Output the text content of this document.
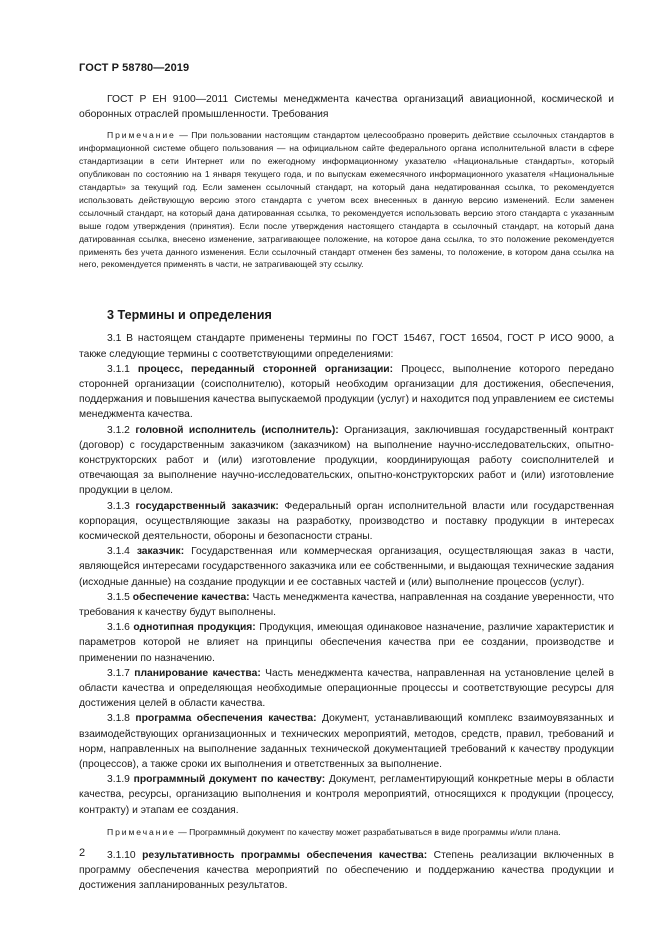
ГОСТ Р 58780—2019

ГОСТ Р ЕН 9100—2011 Системы менеджмента качества организаций авиационной, космической и оборонных отраслей промышленности. Требования

Примечание — При пользовании настоящим стандартом целесообразно проверить действие ссылочных стандартов в информационной системе общего пользования — на официальном сайте федерального органа исполнительной власти в сфере стандартизации в сети Интернет или по ежегодному информационному указателю «Национальные стандарты», который опубликован по состоянию на 1 января текущего года, и по выпускам ежемесячного информационного указателя «Национальные стандарты» за текущий год. Если заменен ссылочный стандарт, на который дана недатированная ссылка, то рекомендуется использовать действующую версию этого стандарта с учетом всех внесенных в данную версию изменений. Если заменен ссылочный стандарт, на который дана датированная ссылка, то рекомендуется использовать версию этого стандарта с указанным выше годом утверждения (принятия). Если после утверждения настоящего стандарта в ссылочный стандарт, на который дана датированная ссылка, внесено изменение, затрагивающее положение, на которое дана ссылка, то это положение рекомендуется применять без учета данного изменения. Если ссылочный стандарт отменен без замены, то положение, в котором дана ссылка на него, рекомендуется применять в части, не затрагивающей эту ссылку.

3 Термины и определения

3.1 В настоящем стандарте применены термины по ГОСТ 15467, ГОСТ 16504, ГОСТ Р ИСО 9000, а также следующие термины с соответствующими определениями:

3.1.1 процесс, переданный сторонней организации: Процесс, выполнение которого передано сторонней организации (соисполнителю), который необходим организации для достижения, обеспечения, поддержания и повышения качества выпускаемой продукции (услуг) и находится под управлением ее системы менеджмента качества.

3.1.2 головной исполнитель (исполнитель): Организация, заключившая государственный контракт (договор) с государственным заказчиком (заказчиком) на выполнение научно-исследовательских, опытно-конструкторских работ и (или) изготовление продукции, координирующая работу соисполнителей и отвечающая за выполнение научно-исследовательских, опытно-конструкторских работ и (или) изготовление продукции в целом.

3.1.3 государственный заказчик: Федеральный орган исполнительной власти или государственная корпорация, осуществляющие заказы на разработку, производство и поставку продукции в интересах космической деятельности, обороны и безопасности страны.

3.1.4 заказчик: Государственная или коммерческая организация, осуществляющая заказ в части, являющейся интересами государственного заказчика или ее собственными, и выдающая технические задания (исходные данные) на создание продукции и ее составных частей и (или) выполнение процессов (услуг).

3.1.5 обеспечение качества: Часть менеджмента качества, направленная на создание уверенности, что требования к качеству будут выполнены.

3.1.6 однотипная продукция: Продукция, имеющая одинаковое назначение, различие характеристик и параметров которой не влияет на принципы обеспечения качества при ее создании, производстве и применении по назначению.

3.1.7 планирование качества: Часть менеджмента качества, направленная на установление целей в области качества и определяющая необходимые операционные процессы и соответствующие ресурсы для достижения целей в области качества.

3.1.8 программа обеспечения качества: Документ, устанавливающий комплекс взаимоувязанных и взаимодействующих организационных и технических мероприятий, методов, средств, правил, требований и норм, направленных на выполнение заданных технической документацией требований к качеству продукции (процессов), а также сроки их выполнения и ответственных за выполнение.

3.1.9 программный документ по качеству: Документ, регламентирующий конкретные меры в области качества, ресурсы, организацию выполнения и контроля мероприятий, относящихся к продукции (процессу, контракту) и этапам ее создания.

Примечание — Программный документ по качеству может разрабатываться в виде программы и/или плана.

3.1.10 результативность программы обеспечения качества: Степень реализации включенных в программу обеспечения качества мероприятий по обеспечению и поддержанию качества продукции и достижения запланированных результатов.

2
